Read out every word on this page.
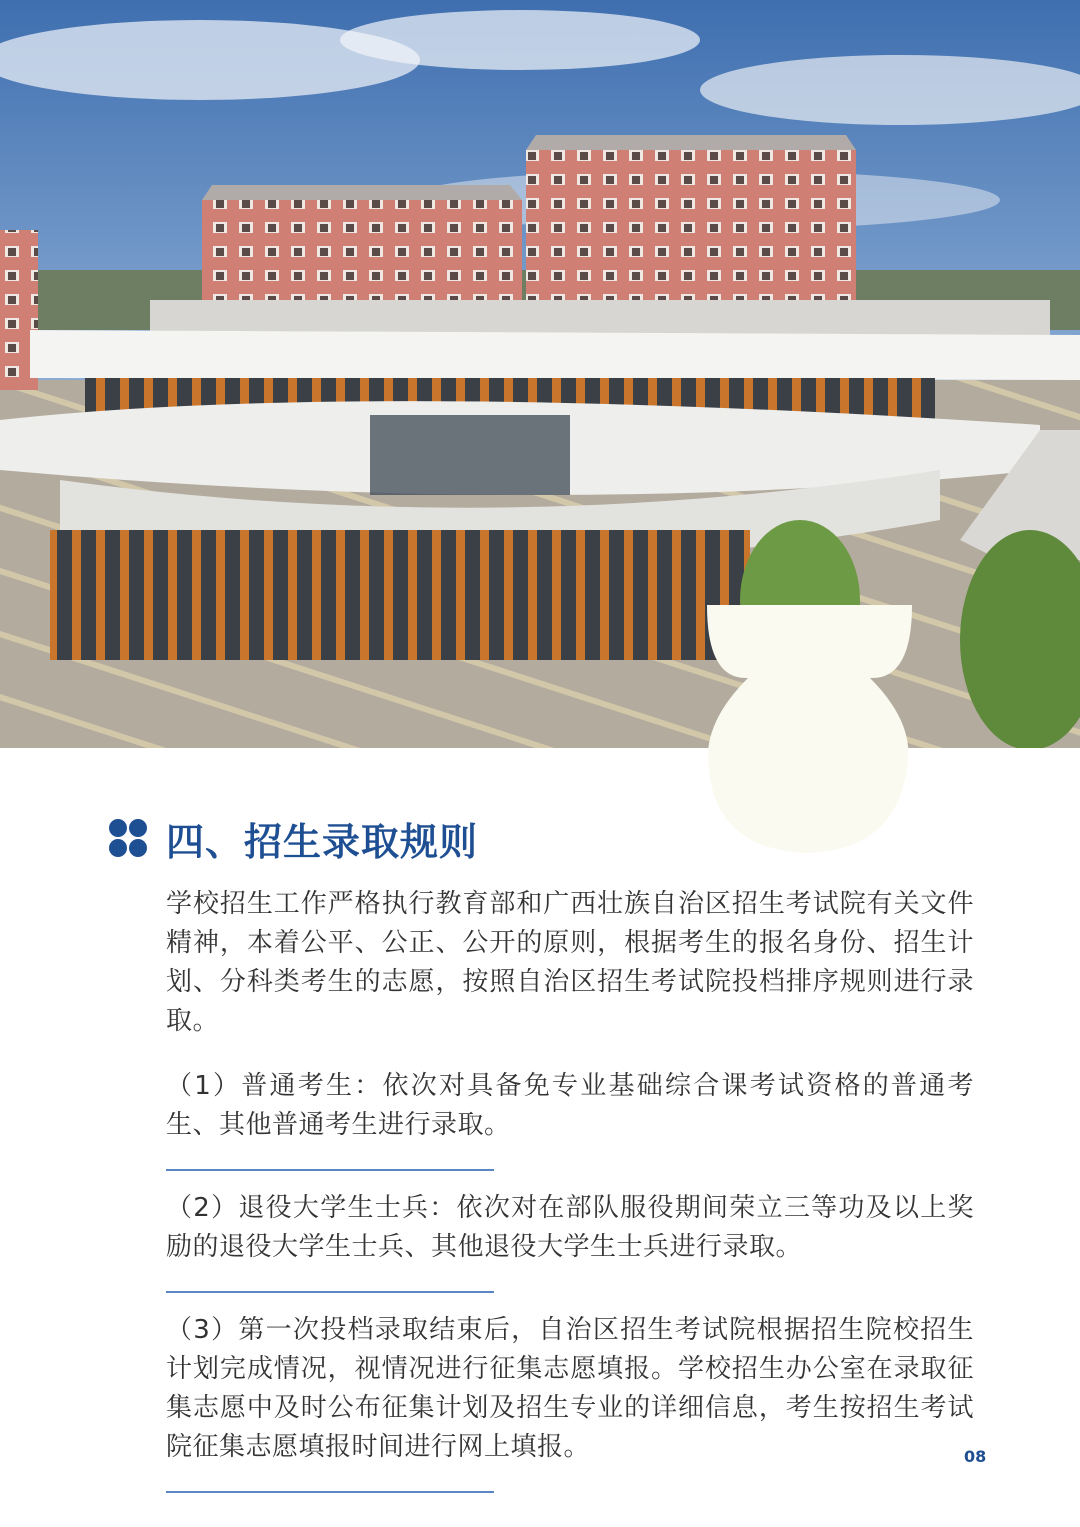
四、招生录取规则

学校招生工作严格执行教育部和广西壮族自治区招生考试院有关文件精神，本着公平、公正、公开的原则，根据考生的报名身份、招生计划、分科类考生的志愿，按照自治区招生考试院投档排序规则进行录取。

（1）普通考生：依次对具备免专业基础综合课考试资格的普通考生、其他普通考生进行录取。

（2）退役大学生士兵：依次对在部队服役期间荣立三等功及以上奖励的退役大学生士兵、其他退役大学生士兵进行录取。

（3）第一次投档录取结束后，自治区招生考试院根据招生院校招生计划完成情况，视情况进行征集志愿填报。学校招生办公室在录取征集志愿中及时公布征集计划及招生专业的详细信息，考生按招生考试院征集志愿填报时间进行网上填报。	08
